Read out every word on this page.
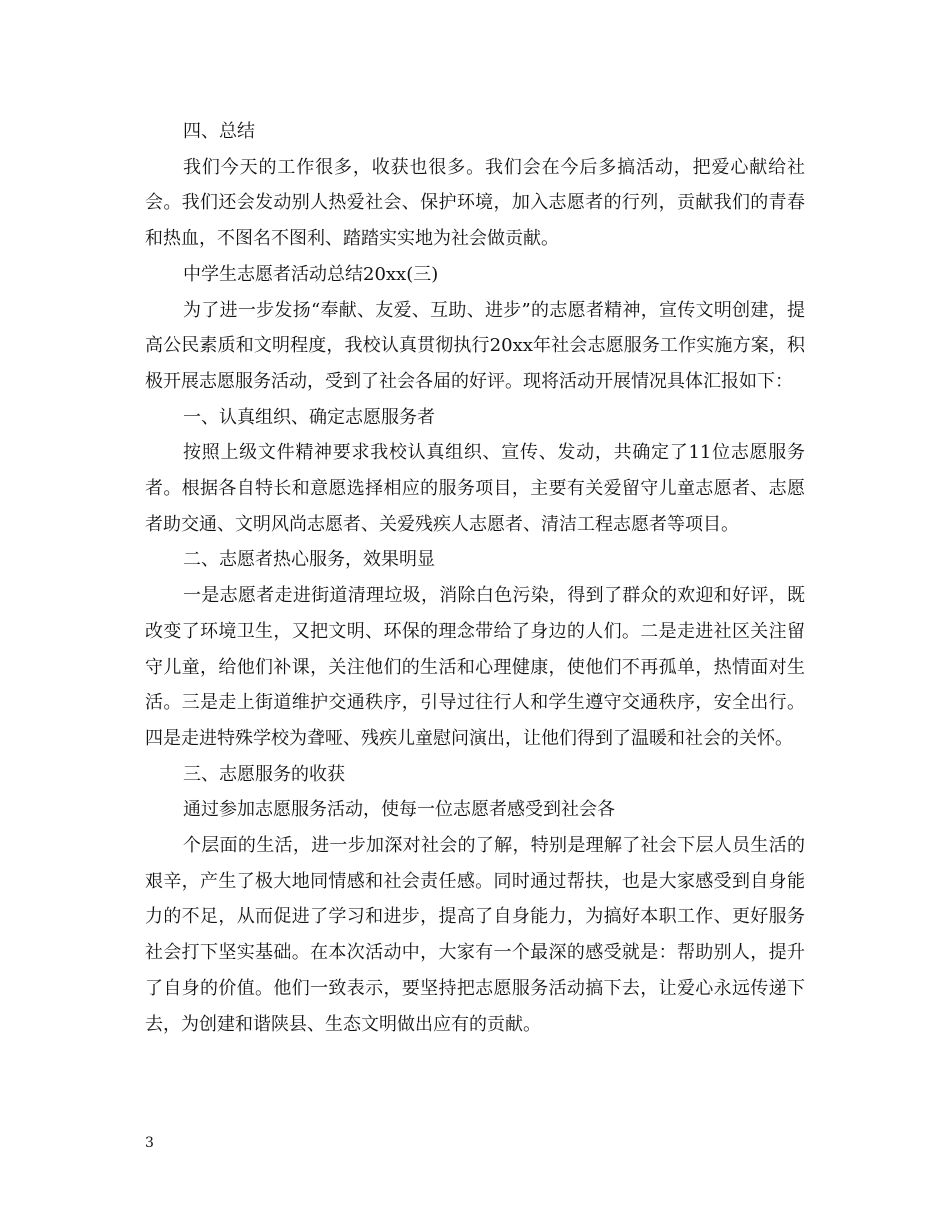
四、总结

我们今天的工作很多，收获也很多。我们会在今后多搞活动，把爱心献给社会。我们还会发动别人热爱社会、保护环境，加入志愿者的行列，贡献我们的青春和热血，不图名不图利、踏踏实实地为社会做贡献。

中学生志愿者活动总结20xx(三)

为了进一步发扬“奉献、友爱、互助、进步”的志愿者精神，宣传文明创建，提高公民素质和文明程度，我校认真贯彻执行20xx年社会志愿服务工作实施方案，积极开展志愿服务活动，受到了社会各届的好评。现将活动开展情况具体汇报如下：

一、认真组织、确定志愿服务者

按照上级文件精神要求我校认真组织、宣传、发动，共确定了11位志愿服务者。根据各自特长和意愿选择相应的服务项目，主要有关爱留守儿童志愿者、志愿者助交通、文明风尚志愿者、关爱残疾人志愿者、清洁工程志愿者等项目。

二、志愿者热心服务，效果明显

一是志愿者走进街道清理垃圾，消除白色污染，得到了群众的欢迎和好评，既改变了环境卫生，又把文明、环保的理念带给了身边的人们。二是走进社区关注留守儿童，给他们补课，关注他们的生活和心理健康，使他们不再孤单，热情面对生活。三是走上街道维护交通秩序，引导过往行人和学生遵守交通秩序，安全出行。四是走进特殊学校为聋哑、残疾儿童慰问演出，让他们得到了温暖和社会的关怀。

三、志愿服务的收获

通过参加志愿服务活动，使每一位志愿者感受到社会各

个层面的生活，进一步加深对社会的了解，特别是理解了社会下层人员生活的艰辛，产生了极大地同情感和社会责任感。同时通过帮扶，也是大家感受到自身能力的不足，从而促进了学习和进步，提高了自身能力，为搞好本职工作、更好服务社会打下坚实基础。在本次活动中，大家有一个最深的感受就是：帮助别人，提升了自身的价值。他们一致表示，要坚持把志愿服务活动搞下去，让爱心永远传递下去，为创建和谐陕县、生态文明做出应有的贡献。

3
